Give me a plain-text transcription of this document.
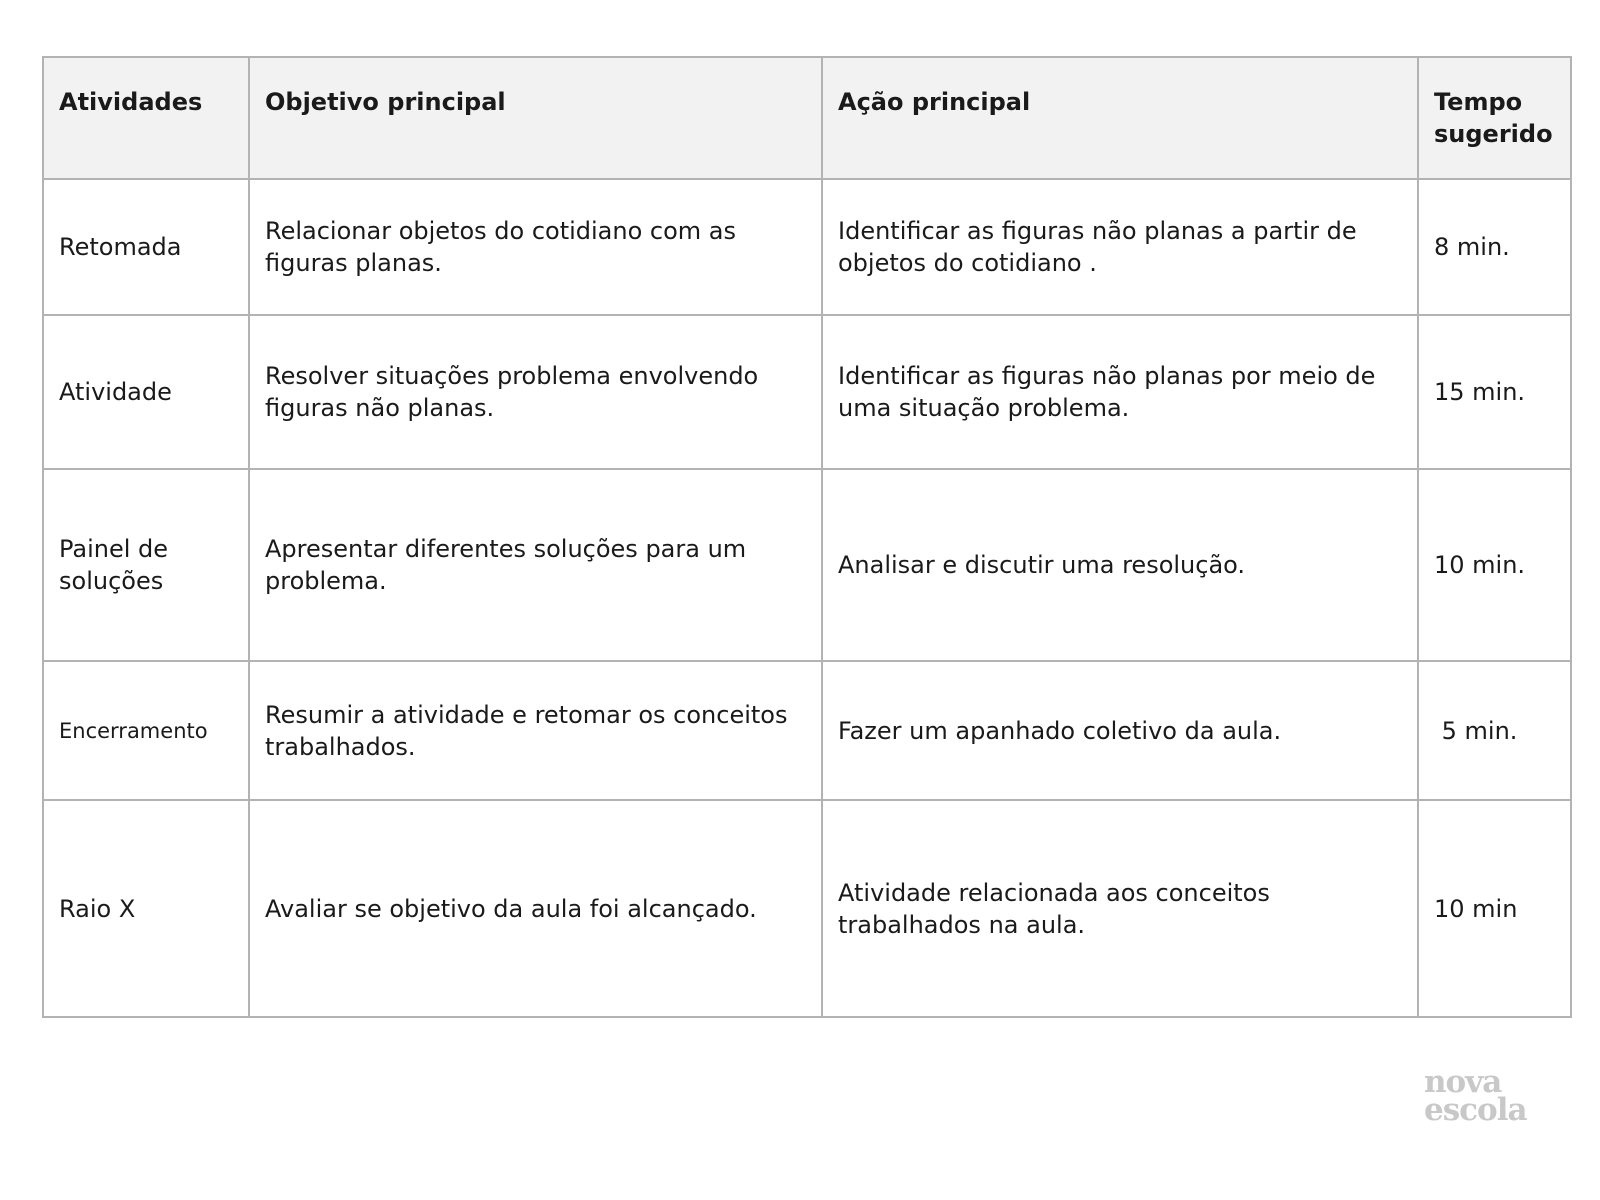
Atividades	Objetivo principal	Ação principal	Tempo sugerido
Retomada	Relacionar objetos do cotidiano com as figuras planas.	Identificar as figuras não planas a partir de objetos do cotidiano .	8 min.
Atividade	Resolver situações problema envolvendo figuras não planas.	Identificar as figuras não planas por meio de uma situação problema.	15 min.
Painel de soluções	Apresentar diferentes soluções para um problema.	Analisar e discutir uma resolução.	10 min.
Encerramento	Resumir a atividade e retomar os conceitos trabalhados.	Fazer um apanhado coletivo da aula.	5 min.
Raio X	Avaliar se objetivo da aula foi alcançado.	Atividade relacionada aos conceitos trabalhados na aula.	10 min
nova
escola
